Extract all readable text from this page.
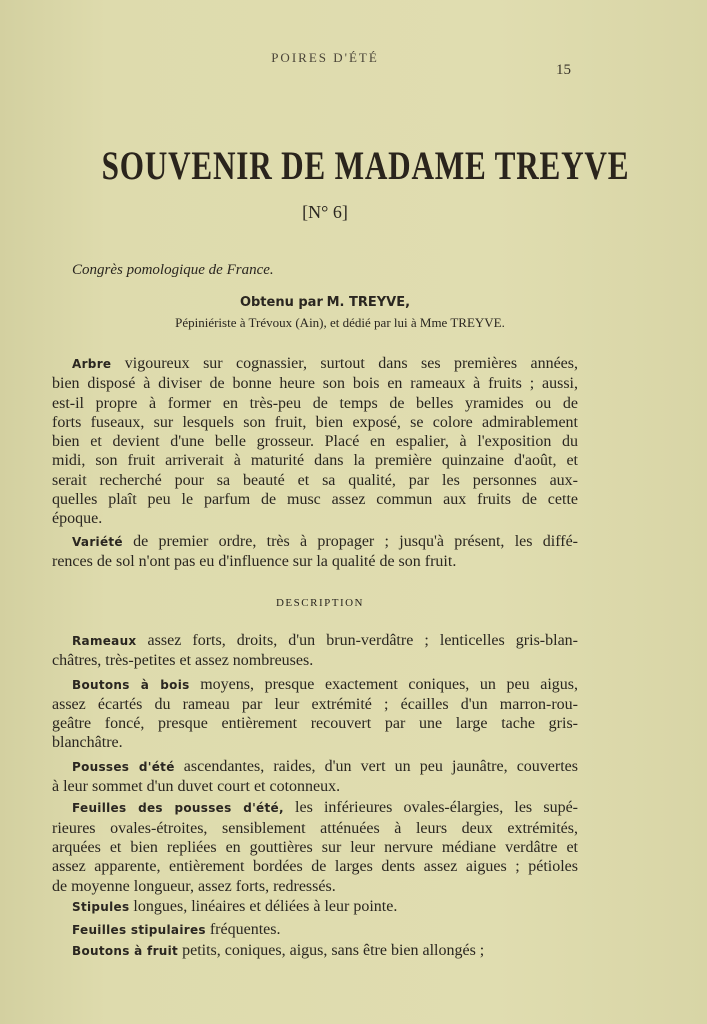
POIRES D'ÉTÉ
15
SOUVENIR DE MADAME TREYVE
[N° 6]
Congrès pomologique de France.
Obtenu par M. TREYVE,
Pépiniériste à Trévoux (Ain), et dédié par lui à Mme TREYVE.
Arbre vigoureux sur cognassier, surtout dans ses premières années,
bien disposé à diviser de bonne heure son bois en rameaux à fruits ; aussi,
est-il propre à former en très-peu de temps de belles yramides ou de
forts fuseaux, sur lesquels son fruit, bien exposé, se colore admirablement
bien et devient d'une belle grosseur. Placé en espalier, à l'exposition du
midi, son fruit arriverait à maturité dans la première quinzaine d'août, et
serait recherché pour sa beauté et sa qualité, par les personnes aux-
quelles plaît peu le parfum de musc assez commun aux fruits de cette
époque.
Variété de premier ordre, très à propager ; jusqu'à présent, les diffé-
rences de sol n'ont pas eu d'influence sur la qualité de son fruit.
DESCRIPTION
Rameaux assez forts, droits, d'un brun-verdâtre ; lenticelles gris-blan-
châtres, très-petites et assez nombreuses.
Boutons à bois moyens, presque exactement coniques, un peu aigus,
assez écartés du rameau par leur extrémité ; écailles d'un marron-rou-
geâtre foncé, presque entièrement recouvert par une large tache gris-
blanchâtre.
Pousses d'été ascendantes, raides, d'un vert un peu jaunâtre, couvertes
à leur sommet d'un duvet court et cotonneux.
Feuilles des pousses d'été, les inférieures ovales-élargies, les supé-
rieures ovales-étroites, sensiblement atténuées à leurs deux extrémités,
arquées et bien repliées en gouttières sur leur nervure médiane verdâtre et
assez apparente, entièrement bordées de larges dents assez aigues ; pétioles
de moyenne longueur, assez forts, redressés.
Stipules longues, linéaires et déliées à leur pointe.
Feuilles stipulaires fréquentes.
Boutons à fruit petits, coniques, aigus, sans être bien allongés ;
